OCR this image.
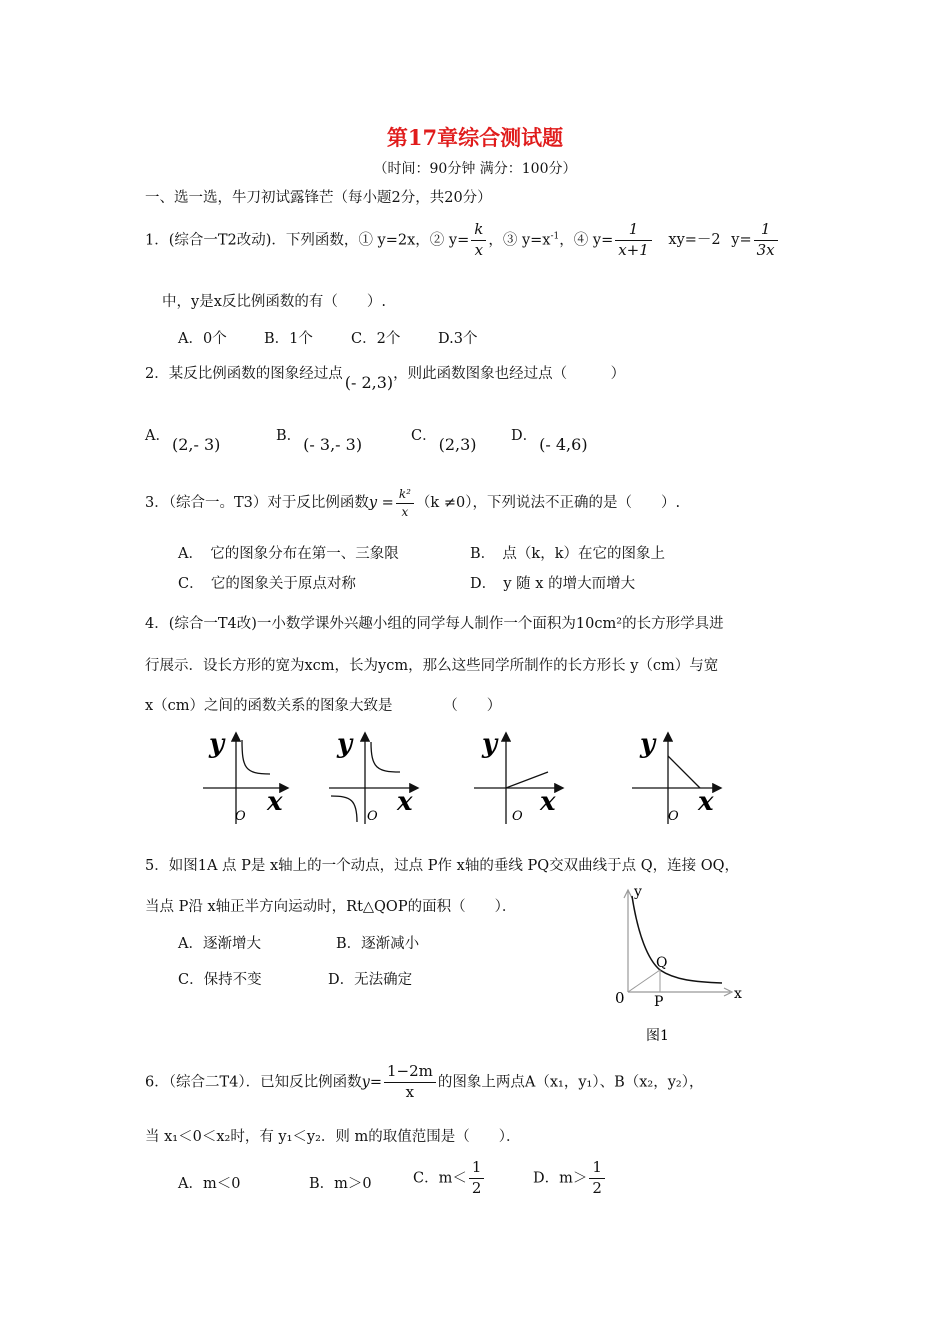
第17章综合测试题
（时间：90分钟 满分：100分）
一、选一选，牛刀初试露锋芒（每小题2分，共20分）
1．(综合一T2改动)．下列函数，① y=2x，② $y= \frac{k}{x}$ ，③ $y=x^{-1}$，④ $y= \frac{1}{x+1} xy=-2$ $y= \frac{1}{3x}$
中，y是x反比例函数的有（　　）.
A．0个	B．1个	C．2个	D.3个
2．某反比例函数的图象经过点 (- 2,3)，则此函数图象也经过点（　　　）
A． (2,- 3)	B． (- 3,- 3)	C． (2,3) D． (- 4,6)
3．（综合一。T3）对于反比例函数$y = \frac{\text{k²}}{x} (k \ne 0)$，下列说法不正确的是（　　）.
A．　它的图象分布在第一、三象限	B．　点（k，k）在它的图象上
C．　它的图象关于原点对称	D．　y 随 x 的增大而增大
4．(综合一T4改)一小数学课外兴趣小组的同学每人制作一个面积为10cm²的长方形学具进
行展示．设长方形的宽为xcm，长为ycm，那么这些同学所制作的长方形长 y（cm）与宽
x（cm）之间的函数关系的图象大致是　　　　（　　）
y
x
O
y
x
O
y
x
O
y
x
O
5．如图1A 点 P是 x轴上的一个动点，过点 P作 x轴的垂线 PQ交双曲线于点 Q，连接 OQ，
当点 P沿 x轴正半方向运动时，Rt△QOP的面积（　　）．
A．逐渐增大	B．逐渐减小
C．保持不变	D．无法确定
y
x
0
Q
P
图1
6．（综合二T4）．已知反比例函数$y= \frac{1-2m}{x}$ 的图象上两点A（x₁，y₁）、B（x₂，y₂），
当 x₁＜0＜x₂时，有 y₁＜y₂．则 m的取值范围是（　　）．
A．m＜0	B．m＞0	C．$m< \frac{1}{2}$	D．$m> \frac{1}{2}$
